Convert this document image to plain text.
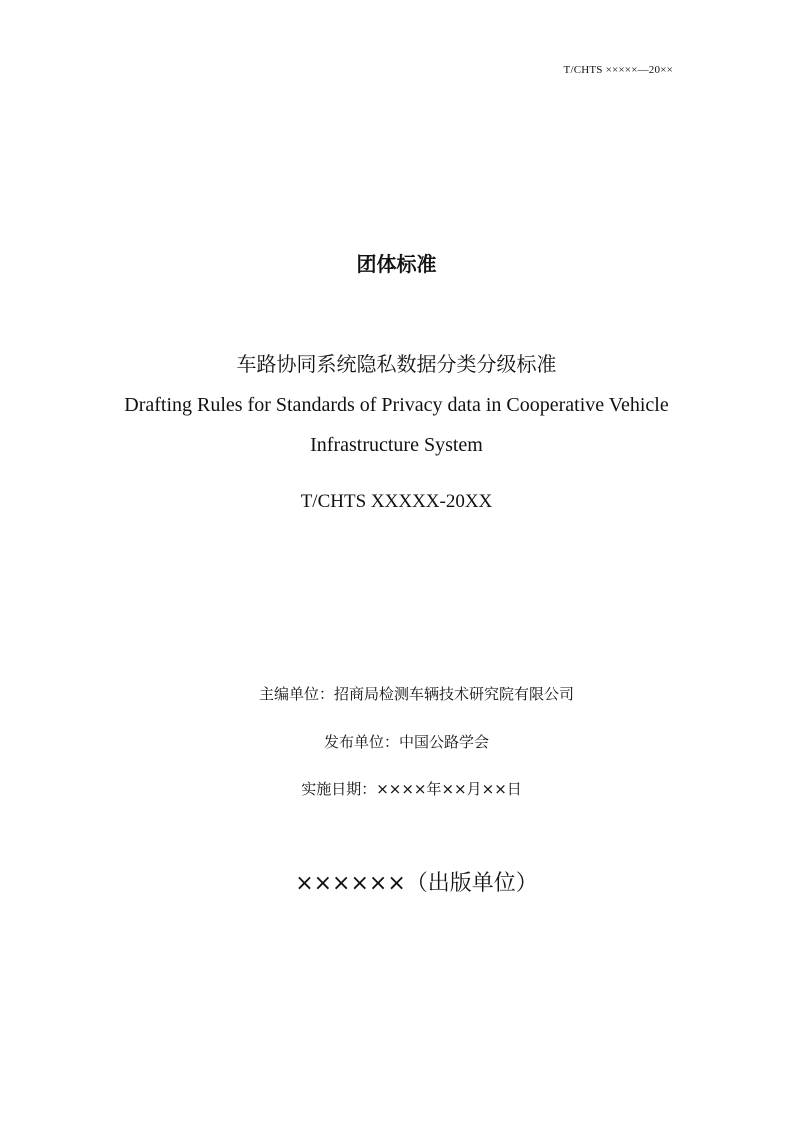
T/CHTS ×××××—20××
团体标准
车路协同系统隐私数据分类分级标准
Drafting Rules for Standards of Privacy data in Cooperative Vehicle
Infrastructure System
T/CHTS XXXXX-20XX
主编单位：招商局检测车辆技术研究院有限公司
发布单位：中国公路学会
实施日期：××××年××月××日
××××××（出版单位）
